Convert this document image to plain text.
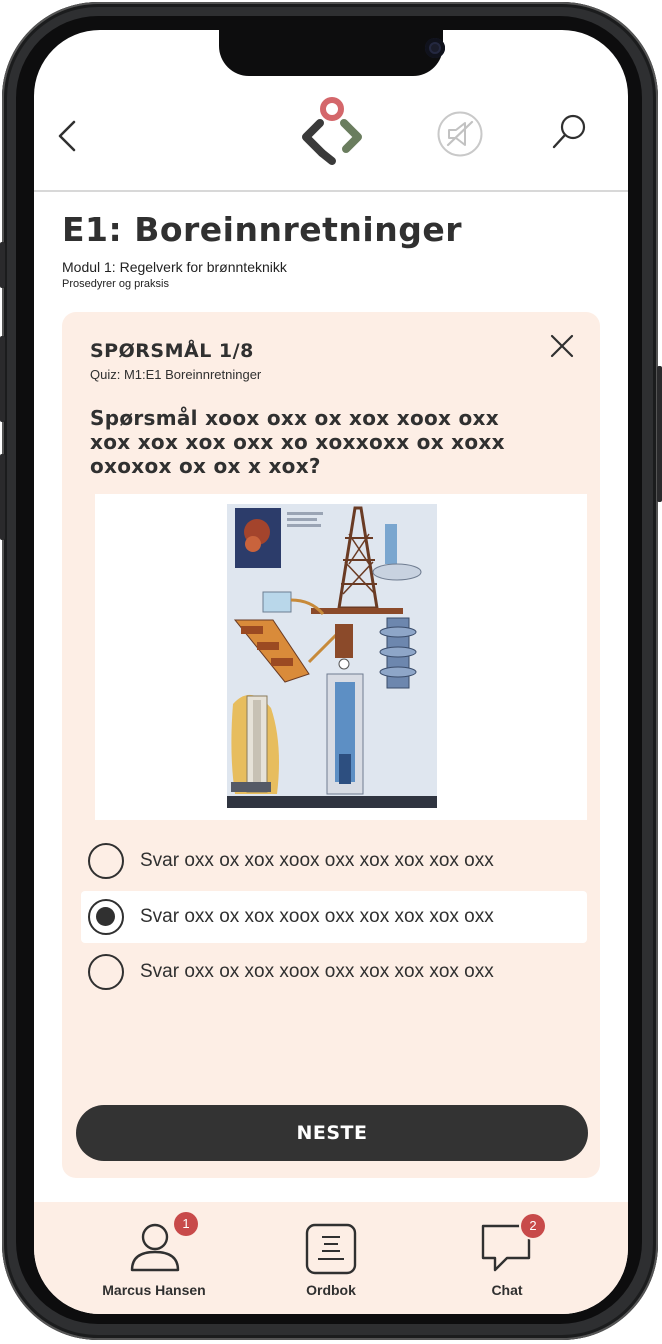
E1: Boreinnretninger
Modul 1: Regelverk for brønnteknikk
Prosedyrer og praksis
SPØRSMÅL 1/8
Quiz: M1:E1 Boreinnretninger
Spørsmål xoox oxx ox xox xoox oxx
xox xox xox oxx xo xoxxoxx ox xoxx
oxoxox ox ox x xox?
Svar oxx ox xox xoox oxx xox xox xox oxx
Svar oxx ox xox xoox oxx xox xox xox oxx
Svar oxx ox xox xoox oxx xox xox xox oxx
NESTE
1
Marcus Hansen	Ordbok
2
Chat
